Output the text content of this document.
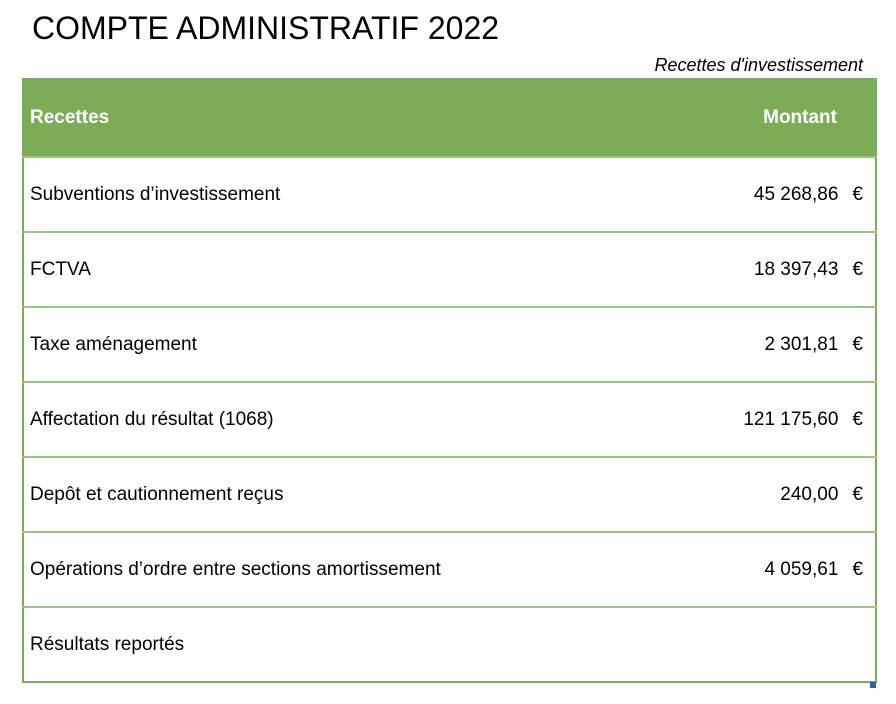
COMPTE ADMINISTRATIF 2022
Recettes d'investissement
Recettes	Montant
Subventions d’investissement	45 268,86 €
FCTVA	18 397,43 €
Taxe aménagement	2 301,81 €
Affectation du résultat (1068)	121 175,60 €
Depôt et cautionnement reçus	240,00 €
Opérations d’ordre entre sections amortissement	4 059,61 €
Résultats reportés	
